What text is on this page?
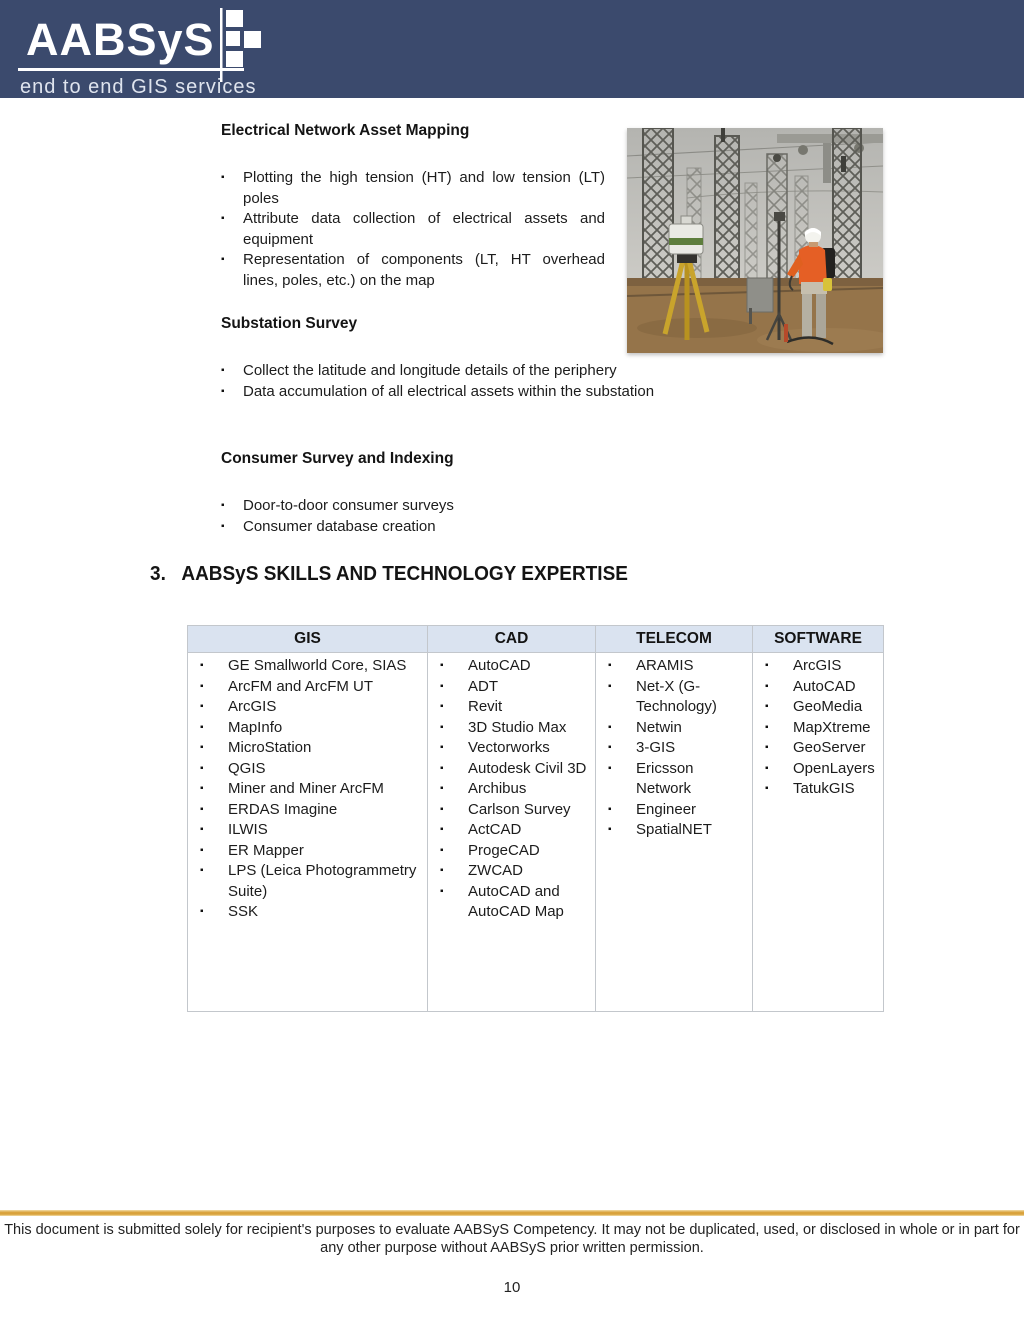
AABSyS
end to end GIS services
Electrical Network Asset Mapping
▪	Plotting the high tension (HT) and low tension (LT) poles
▪	Attribute data collection of electrical assets and equipment
▪	Representation of components (LT, HT overhead lines, poles, etc.) on the map
Substation Survey
▪	Collect the latitude and longitude details of the periphery
▪	Data accumulation of all electrical assets within the substation
Consumer Survey and Indexing
▪	Door-to-door consumer surveys
▪	Consumer database creation
3. AABSyS SKILLS AND TECHNOLOGY EXPERTISE
GIS	CAD	TELECOM	SOFTWARE

▪	GE Smallworld Core, SIAS
▪	ArcFM and ArcFM UT
▪	ArcGIS
▪	MapInfo
▪	MicroStation
▪	QGIS
▪	Miner and Miner ArcFM
▪	ERDAS Imagine
▪	ILWIS
▪	ER Mapper
▪	LPS (Leica Photogrammetry Suite)
▪	SSK

▪	AutoCAD
▪	ADT
▪	Revit
▪	3D Studio Max
▪	Vectorworks
▪	Autodesk Civil 3D
▪	Archibus
▪	Carlson Survey
▪	ActCAD
▪	ProgeCAD
▪	ZWCAD
▪	AutoCAD and AutoCAD Map

▪	ARAMIS
▪	Net-X (G-Technology)
▪	Netwin
▪	3-GIS
▪	Ericsson Network
▪	Engineer
▪	SpatialNET

▪	ArcGIS
▪	AutoCAD
▪	GeoMedia
▪	MapXtreme
▪	GeoServer
▪	OpenLayers
▪	TatukGIS
This document is submitted solely for recipient's purposes to evaluate AABSyS Competency. It may not be duplicated, used, or disclosed in whole or in part for
any other purpose without AABSyS prior written permission.
10
